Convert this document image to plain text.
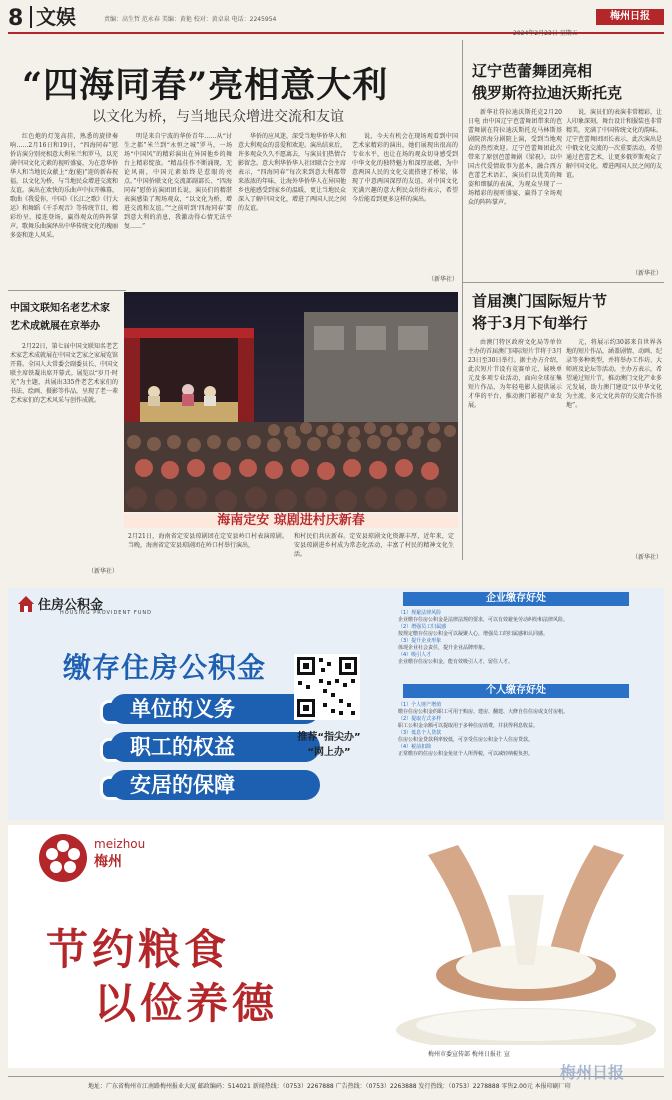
8 文娱	责编：高生哲 范永春 美编：黄艳 校对：黄卓泉 电话：2245954	梅州日报
2024年2月23日 星期五
“四海同春”亮相意大利
以文化为桥，与当地民众增进交流和友谊
红色炮的灯笼高挂，熟悉的旋律奏响……2月16日和19日，“四海同春”慰侨访演分别亮相意大利米兰和罗马，以充满中国文化元素的视听盛宴，为在意华侨华人和当地民众献上“龙(能)”迎的新春祝福，以文化为桥，与当地民众增进交流和友谊。演出在欢快的乐曲声中拉开帷幕，歌曲《我爱你，中国》《长江之歌》《行大运》和舞蹈《千手观音》等传统节目，精彩纷呈，接连登场，赢得观众的阵阵掌声。歌舞乐曲演绎出中华传统文化的瑰丽多姿和迷人风采。
明是来自宁波的华侨青年……从“讨生之都”米兰到“永恒之城”罗马，一场场“中国风”的精彩演出在异国他乡的舞台上精彩绽放。“精品佳作不断涌现，无论风雨，中国元素始终是惹眼的亮点。”中国侨联文化交流部副部长、“四海同春”慰侨访演团团长说，演员们的精湛表演感染了现场观众，“以文化为桥，增进交流和友谊。”“之前听到‘四海同春’要到意大利的消息，我激动得心情无法平复……”
华侨的应风迷，深受当地华侨华人和意大利观众的喜爱和欢迎。演出结束后，许多观众久久不愿离去，与演员们热情合影留念。意大利华侨华人社团联合会主席表示，“四海同春”每次来到意大利都带来浓浓的年味，让海外华侨华人在异国他乡也能感受到家乡的温暖，更让当地民众深入了解中国文化，增进了两国人民之间的友谊。
说，今天有机会在现场观看到中国艺术家精彩的演出，她们展现出很高的专业水平，也让在场的观众切身感受到中华文化的独特魅力和深厚底蕴，为中意两国人民的文化交流搭建了桥梁，体现了中意两国深厚的友谊。对中国文化充满兴趣的意大利民众纷纷表示，希望今后能看到更多这样的演出。
（新华社）
辽宁芭蕾舞团亮相
俄罗斯符拉迪沃斯托克
新华社符拉迪沃斯托克2月20日电 由中国辽宁芭蕾舞团带来的芭蕾舞剧在符拉迪沃斯托克马林斯基剧院滨海分剧院上演，受到当地观众的热烈欢迎。辽宁芭蕾舞团此次带来了原创芭蕾舞剧《梁祝》，以中国古代爱情故事为蓝本，融合西方芭蕾艺术语汇，演员们以优美的舞姿和细腻的表演，为观众呈现了一场精彩的视听盛宴，赢得了全场观众的阵阵掌声。
说，演员们的表演非常精彩，让人印象深刻，舞台设计和服装也非常精美，充满了中国传统文化的韵味。辽宁芭蕾舞团团长表示，此次演出是中俄文化交流的一次重要活动，希望通过芭蕾艺术，让更多俄罗斯观众了解中国文化，增进两国人民之间的友谊。
（新华社）
首届澳门国际短片节
将于3月下旬举行
由澳门特区政府文化局等单位主办的首届澳门国际短片节将于3月23日至30日举行。据主办方介绍，此次短片节设有竞赛单元、展映单元及多项专业活动，面向全球征集短片作品，为年轻电影人提供展示才华的平台，推动澳门影视产业发展。
元，将展示约30部来自世界各地的短片作品，涵盖剧情、动画、纪录等多种类型，并将举办工作坊、大师班及论坛等活动。主办方表示，希望通过短片节，推动澳门文化产业多元发展，助力澳门建设“以中华文化为主流、多元文化共存的交流合作基地”。
（新华社）
中国文联知名老艺术家
艺术成就展在京举办
2月22日，第七届中国文联知名老艺术家艺术成就展在中国文艺家之家展览馆开幕。全国人大常委会副委员长、中国文联主席铁凝出席开幕式。展览以“岁月·时光”为主题，共展出335件老艺术家们的书法、绘画、摄影等作品，呈现了老一辈艺术家们的艺术风采与创作成就。
（新华社）
海南定安 琼剧进村庆新春
2月21日，海南省定安县琼剧团在定安县岭口村表演琼剧。当晚，海南省定安县琼剧团在岭口村举行演出，
和村民们共庆新春。定安县琼剧文化资源丰厚，近年来，定安县琼剧进乡村成为常态化活动，丰富了村民的精神文化生活。
住房公积金
HOUSING PROVIDENT FUND
缴存住房公积金
单位的义务
职工的权益
安居的保障
推荐“指尖办”
“网上办”
企业缴存好处
（1）规避法律风险
企业缴存住房公积金是法律法规的要求，可以有效避免劳动纠纷和法律风险。
（2）增强员工归属感
按规定缴存住房公积金可以凝聚人心，增强员工的归属感和认同感。
（3）提升企业形象
体现企业社会责任，提升企业品牌形象。
（4）吸引人才
企业缴存住房公积金，能有效吸引人才，留住人才。
个人缴存好处
（1）个人财产增值
缴存住房公积金的职工可用于购房、建房、翻建、大修自住住房或支付房租。
（2）提取方式多样
职工公积金余额可以提取用于多种住房消费，并获得利息收益。
（3）低息个人贷款
住房公积金贷款利率较低，可享受住房公积金个人住房贷款。
（4）税前扣除
正常缴存的住房公积金免征个人所得税，可以减轻纳税负担。
meizhou
梅州
节约粮食
以俭养德
梅州市委宣传部 梅州日报社 宣
地址：广东省梅州市江南路梅州报业大厦 邮政编码：514021 新闻热线：（0753）2267888 广告热线：（0753）2263888 发行热线：（0753）2278888 零售2.00元 本报印刷厂印
梅州日报
